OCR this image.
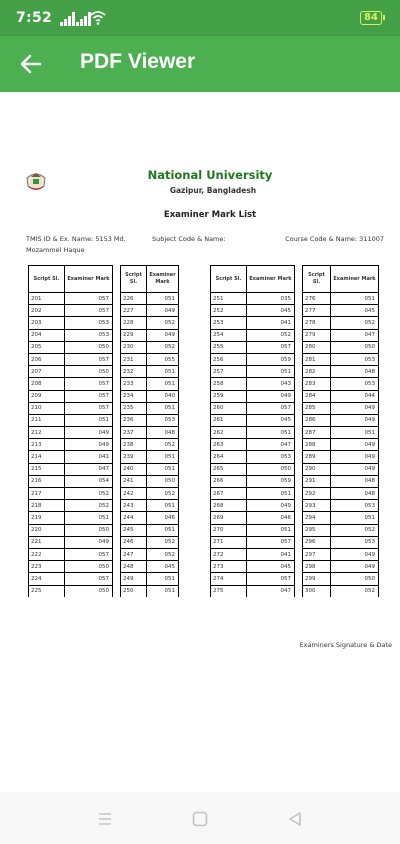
7:52	84
PDF Viewer
National University
Gazipur, Bangladesh
Examiner Mark List
TMIS ID & Ex. Name: 5153 Md.	Subject Code & Name:	Course Code & Name: 311007
Mozammel Haque
Script Sl.	Examiner Mark
201	057
202	057
203	053
204	053
205	050
206	057
207	050
208	057
209	057
210	057
211	051
212	049
213	049
214	041
215	047
216	054
217	052
218	052
219	051
220	050
221	049
222	057
223	050
224	057
225	050
Script Sl.	Examiner Mark
226	051
227	049
228	052
229	049
230	052
231	055
232	051
233	051
234	040
235	051
236	053
237	048
238	052
239	051
240	051
241	050
242	052
243	051
244	046
245	051
246	052
247	052
248	045
249	051
250	051
Script Sl.	Examiner Mark
251	035
252	045
253	041
254	052
255	057
256	059
257	051
258	043
259	049
260	057
261	045
262	051
263	047
264	053
265	050
266	059
267	051
268	049
269	046
270	051
271	057
272	041
273	045
274	057
275	047
Script Sl.	Examiner Mark
276	051
277	045
278	052
279	047
280	050
281	053
282	048
283	053
284	044
285	049
286	049
287	051
288	049
289	049
290	049
291	048
292	048
293	053
294	051
295	052
296	053
297	049
298	049
299	050
300	052
Examiners Signature & Date
